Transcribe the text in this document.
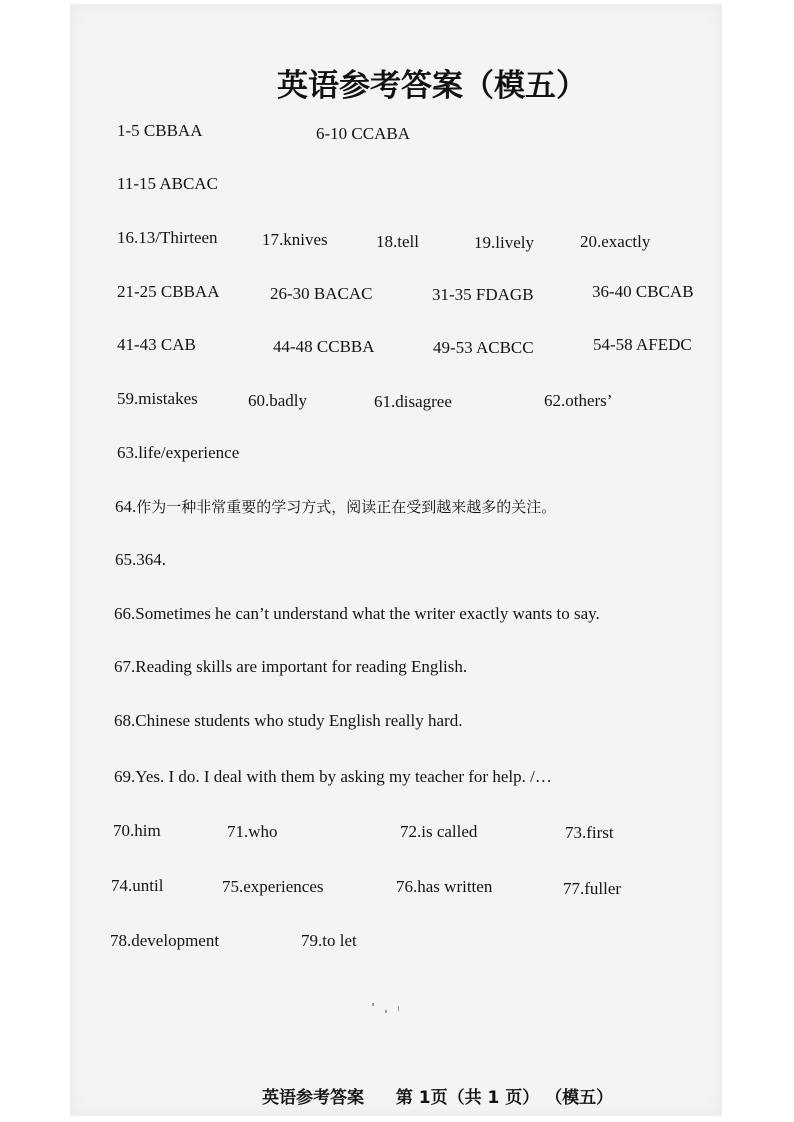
英语参考答案（模五）
1-5 CBBAA	6-10 CCABA
11-15 ABCAC
16.13/Thirteen	17.knives	18.tell	19.lively	20.exactly
21-25 CBBAA	26-30 BACAC	31-35 FDAGB	36-40 CBCAB
41-43 CAB	44-48 CCBBA	49-53 ACBCC	54-58 AFEDC
59.mistakes	60.badly	61.disagree	62.others’
63.life/experience
64.作为一种非常重要的学习方式，阅读正在受到越来越多的关注。
65.364.
66.Sometimes he can’t understand what the writer exactly wants to say.
67.Reading skills are important for reading English.
68.Chinese students who study English really hard.
69.Yes. I do. I deal with them by asking my teacher for help. /…
70.him	71.who	72.is called	73.first
74.until	75.experiences	76.has written	77.fuller
78.development	79.to let
英语参考答案 第 1页（共 1 页） （模五）
